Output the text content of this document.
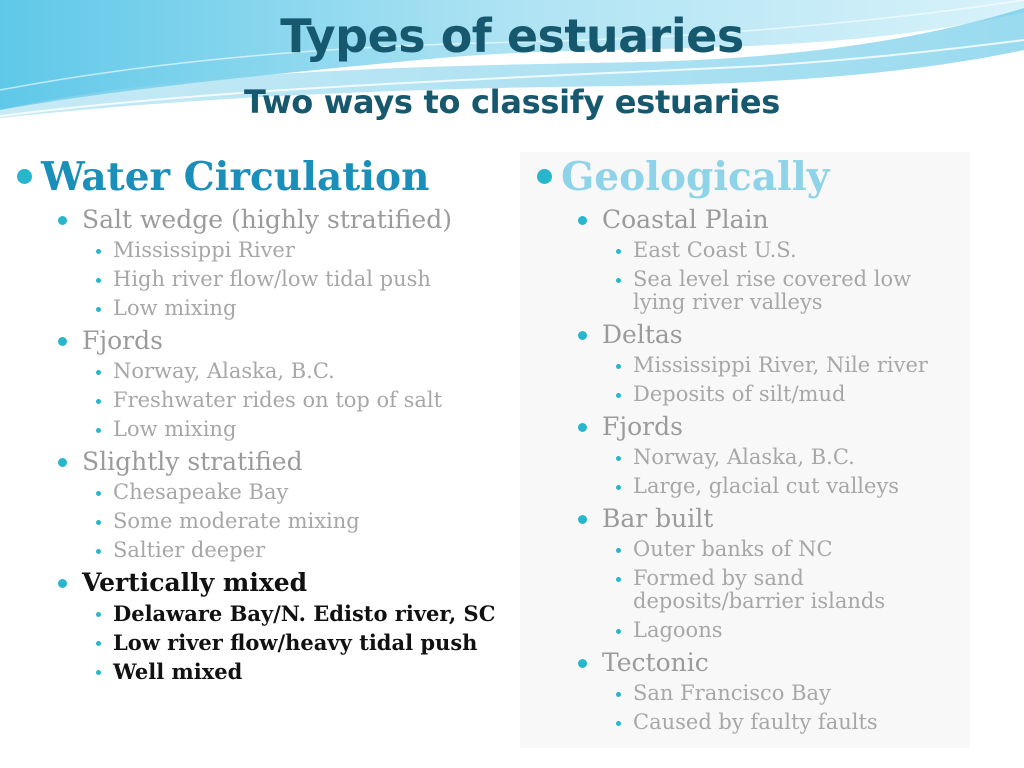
Types of estuaries
Two ways to classify estuaries
Water Circulation
Salt wedge (highly stratified)
Mississippi River
High river flow/low tidal push
Low mixing
Fjords
Norway, Alaska, B.C.
Freshwater rides on top of salt
Low mixing
Slightly stratified
Chesapeake Bay
Some moderate mixing
Saltier deeper
Vertically mixed
Delaware Bay/N. Edisto river, SC
Low river flow/heavy tidal push
Well mixed
Geologically
Coastal Plain
East Coast U.S.
Sea level rise covered low lying river valleys
Deltas
Mississippi River, Nile river
Deposits of silt/mud
Fjords
Norway, Alaska, B.C.
Large, glacial cut valleys
Bar built
Outer banks of NC
Formed by sand deposits/barrier islands
Lagoons
Tectonic
San Francisco Bay
Caused by faulty faults
